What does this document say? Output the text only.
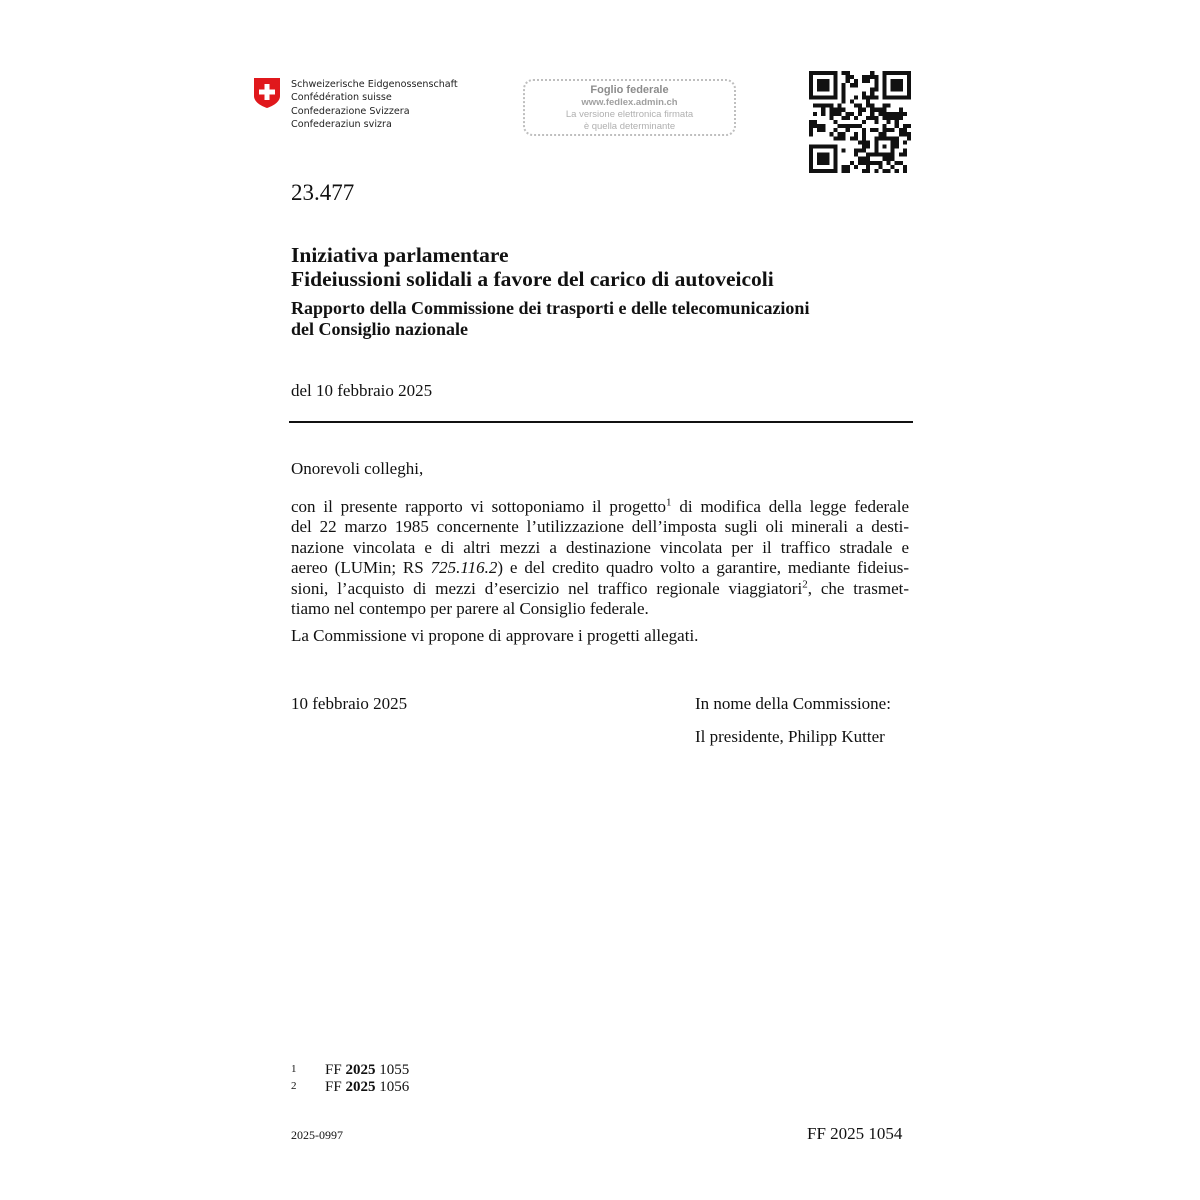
Schweizerische Eidgenossenschaft
Confédération suisse
Confederazione Svizzera
Confederaziun svizra
Foglio federale
www.fedlex.admin.ch
La versione elettronica firmata
è quella determinante
23.477
Iniziativa parlamentare
Fideiussioni solidali a favore del carico di autoveicoli
Rapporto della Commissione dei trasporti e delle telecomunicazioni
del Consiglio nazionale
del 10 febbraio 2025
Onorevoli colleghi,
con il presente rapporto vi sottoponiamo il progetto$^1$ di modifica della legge federale
del 22 marzo 1985 concernente l’utilizzazione dell’imposta sugli oli minerali a desti-
nazione vincolata e di altri mezzi a destinazione vincolata per il traffico stradale e
aereo (LUMin; RS 725.116.2) e del credito quadro volto a garantire, mediante fideius-
sioni, l’acquisto di mezzi d’esercizio nel traffico regionale viaggiatori$^2$, che trasmet-
tiamo nel contempo per parere al Consiglio federale.
La Commissione vi propone di approvare i progetti allegati.
10 febbraio 2025	In nome della Commissione:
Il presidente, Philipp Kutter
1 FF 2025 1055
2 FF 2025 1056
2025-0997	FF 2025 1054
